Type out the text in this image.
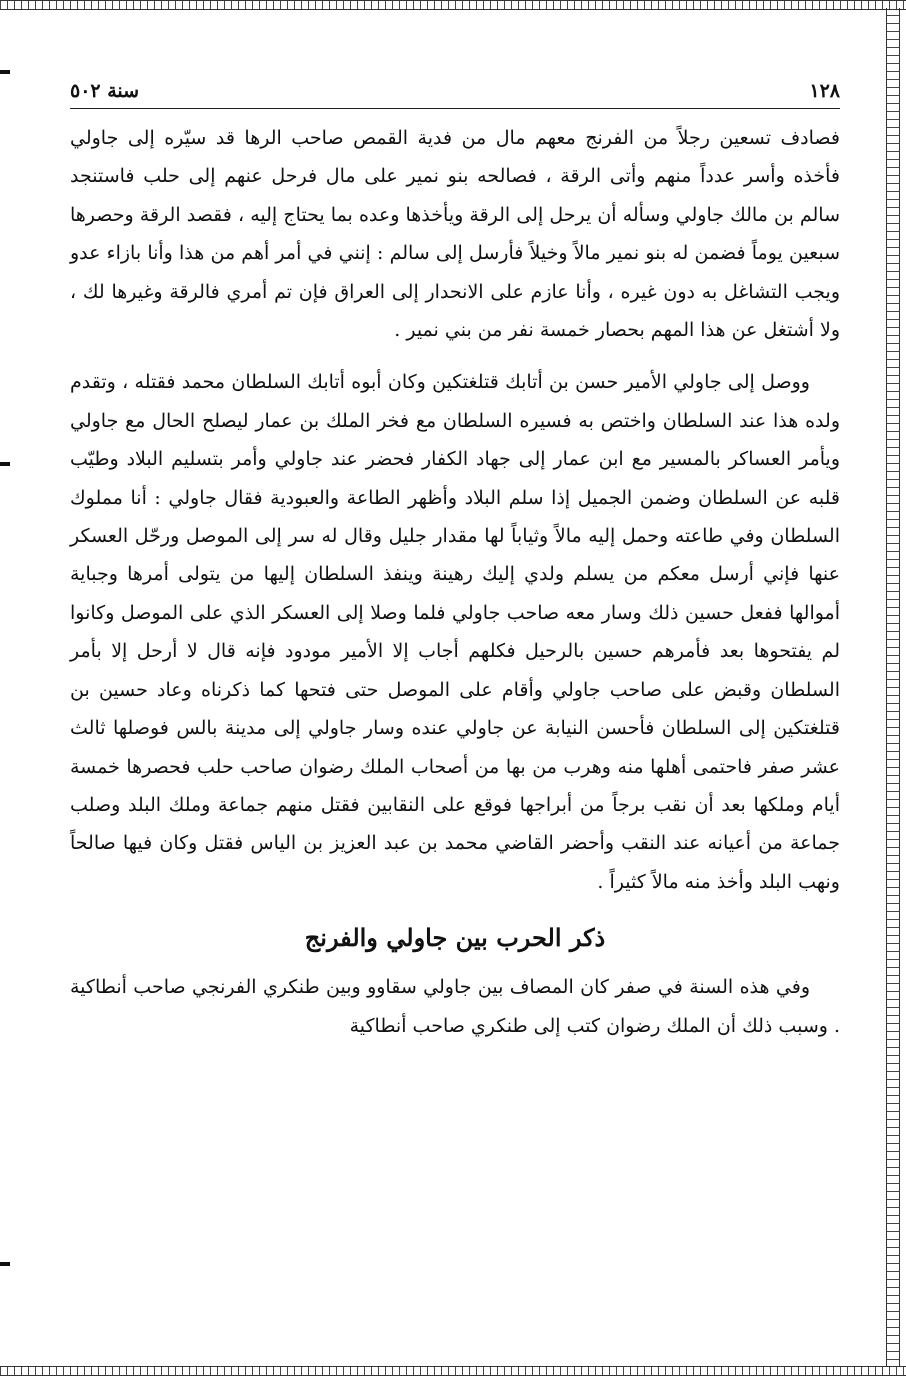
١٢٨
سنة ٥٠٢

فصادف تسعين رجلاً من الفرنج معهم مال من فدية القمص صاحب الرها قد سيّره إلى جاولي فأخذه وأسر عدداً منهم وأتى الرقة ، فصالحه بنو نمير على مال فرحل عنهم إلى حلب فاستنجد سالم بن مالك جاولي وسأله أن يرحل إلى الرقة ويأخذها وعده بما يحتاج إليه ، فقصد الرقة وحصرها سبعين يوماً فضمن له بنو نمير مالاً وخيلاً فأرسل إلى سالم : إنني في أمر أهم من هذا وأنا بازاء عدو ويجب التشاغل به دون غيره ، وأنا عازم على الانحدار إلى العراق فإن تم أمري فالرقة وغيرها لك ، ولا أشتغل عن هذا المهم بحصار خمسة نفر من بني نمير .

ووصل إلى جاولي الأمير حسن بن أتابك قتلغتكين وكان أبوه أتابك السلطان محمد فقتله ، وتقدم ولده هذا عند السلطان واختص به فسيره السلطان مع فخر الملك بن عمار ليصلح الحال مع جاولي ويأمر العساكر بالمسير مع ابن عمار إلى جهاد الكفار فحضر عند جاولي وأمر بتسليم البلاد وطيّب قلبه عن السلطان وضمن الجميل إذا سلم البلاد وأظهر الطاعة والعبودية فقال جاولي : أنا مملوك السلطان وفي طاعته وحمل إليه مالاً وثياباً لها مقدار جليل وقال له سر إلى الموصل ورحّل العسكر عنها فإني أرسل معكم من يسلم ولدي إليك رهينة وينفذ السلطان إليها من يتولى أمرها وجباية أموالها ففعل حسين ذلك وسار معه صاحب جاولي فلما وصلا إلى العسكر الذي على الموصل وكانوا لم يفتحوها بعد فأمرهم حسين بالرحيل فكلهم أجاب إلا الأمير مودود فإنه قال لا أرحل إلا بأمر السلطان وقبض على صاحب جاولي وأقام على الموصل حتى فتحها كما ذكرناه وعاد حسين بن قتلغتكين إلى السلطان فأحسن النيابة عن جاولي عنده وسار جاولي إلى مدينة بالس فوصلها ثالث عشر صفر فاحتمى أهلها منه وهرب من بها من أصحاب الملك رضوان صاحب حلب فحصرها خمسة أيام وملكها بعد أن نقب برجاً من أبراجها فوقع على النقابين فقتل منهم جماعة وملك البلد وصلب جماعة من أعيانه عند النقب وأحضر القاضي محمد بن عبد العزيز بن الياس فقتل وكان فيها صالحاً ونهب البلد وأخذ منه مالاً كثيراً .

ذكر الحرب بين جاولي والفرنج

وفي هذه السنة في صفر كان المصاف بين جاولي سقاوو وبين طنكري الفرنجي صاحب أنطاكية . وسبب ذلك أن الملك رضوان كتب إلى طنكري صاحب أنطاكية
